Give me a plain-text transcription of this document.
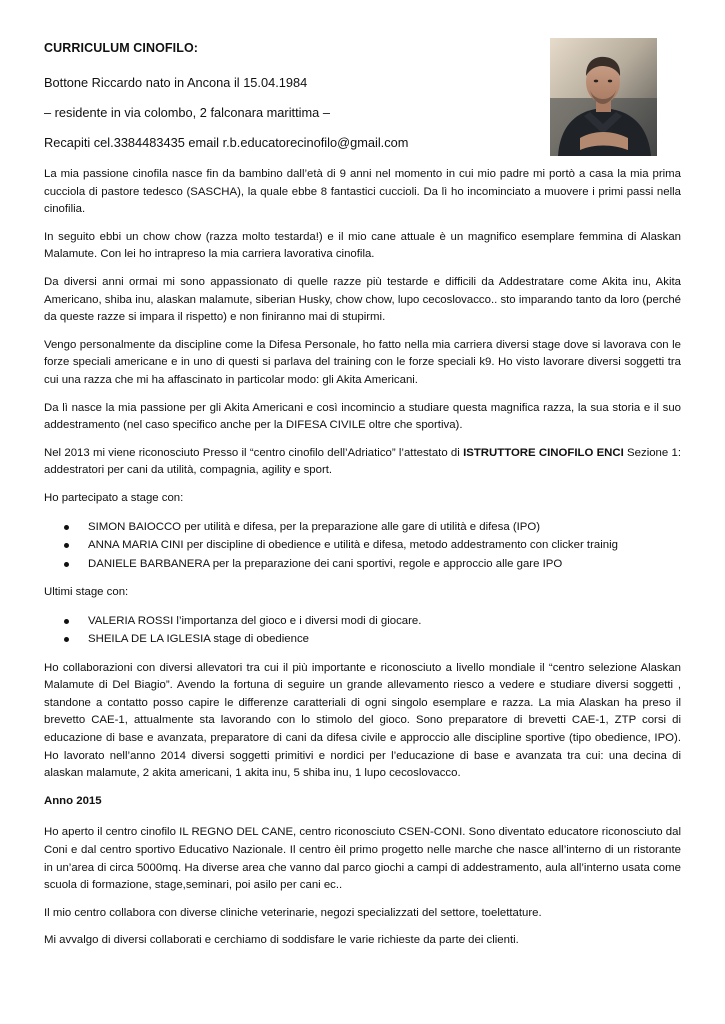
CURRICULUM CINOFILO:
Bottone Riccardo nato in Ancona il 15.04.1984
– residente in via colombo, 2 falconara marittima –
Recapiti cel.3384483435 email r.b.educatorecinofilo@gmail.com

La mia passione cinofila nasce fin da bambino dall’età di 9 anni nel momento in cui mio padre mi portò a casa la mia prima cucciola di pastore tedesco (SASCHA), la quale ebbe 8 fantastici cuccioli. Da lì ho incominciato a muovere i primi passi nella cinofilia.

In seguito ebbi un chow chow (razza molto testarda!) e il mio cane attuale è un magnifico esemplare femmina di Alaskan Malamute. Con lei ho intrapreso la mia carriera lavorativa cinofila.

Da diversi anni ormai mi sono appassionato di quelle razze più testarde e difficili da Addestratare come Akita inu, Akita Americano, shiba inu, alaskan malamute, siberian Husky, chow chow, lupo cecoslovacco.. sto imparando tanto da loro (perché da queste razze si impara il rispetto) e non finiranno mai di stupirmi.

Vengo personalmente da discipline come la Difesa Personale, ho fatto nella mia carriera diversi stage dove si lavorava con le forze speciali americane e in uno di questi si parlava del training con le forze speciali k9. Ho visto lavorare diversi soggetti tra cui una razza che mi ha affascinato in particolar modo: gli Akita Americani.

Da lì nasce la mia passione per gli Akita Americani e così incomincio a studiare questa magnifica razza, la sua storia e il suo addestramento (nel caso specifico anche per la DIFESA CIVILE oltre che sportiva).

Nel 2013 mi viene riconosciuto Presso il “centro cinofilo dell’Adriatico” l’attestato di ISTRUTTORE CINOFILO ENCI Sezione 1: addestratori per cani da utilità, compagnia, agility e sport.

Ho partecipato a stage con:

SIMON BAIOCCO per utilità e difesa, per la preparazione alle gare di utilità e difesa (IPO)
ANNA MARIA CINI per discipline di obedience e utilità e difesa, metodo addestramento con clicker trainig
DANIELE BARBANERA per la preparazione dei cani sportivi, regole e approccio alle gare IPO

Ultimi stage con:

VALERIA ROSSI l’importanza del gioco e i diversi modi di giocare.
SHEILA DE LA IGLESIA stage di obedience

Ho collaborazioni con diversi allevatori tra cui il più importante e riconosciuto a livello mondiale il “centro selezione Alaskan Malamute di Del Biagio”. Avendo la fortuna di seguire un grande allevamento riesco a vedere e studiare diversi soggetti , standone a contatto posso capire le differenze caratteriali di ogni singolo esemplare e razza. La mia Alaskan ha preso il brevetto CAE-1, attualmente sta lavorando con lo stimolo del gioco. Sono preparatore di brevetti CAE-1, ZTP corsi di educazione di base e avanzata, preparatore di cani da difesa civile e approccio alle discipline sportive (tipo obedience, IPO). Ho lavorato nell’anno 2014 diversi soggetti primitivi e nordici per l’educazione di base e avanzata tra cui: una decina di alaskan malamute, 2 akita americani, 1 akita inu, 5 shiba inu, 1 lupo cecoslovacco.

Anno 2015

Ho aperto il centro cinofilo IL REGNO DEL CANE, centro riconosciuto CSEN-CONI. Sono diventato educatore riconosciuto dal Coni e dal centro sportivo Educativo Nazionale. Il centro èil primo progetto nelle marche che nasce all’interno di un ristorante in un’area di circa 5000mq. Ha diverse area che vanno dal parco giochi a campi di addestramento, aula all’interno usata come scuola di formazione, stage,seminari, poi asilo per cani ec..

Il mio centro collabora con diverse cliniche veterinarie, negozi specializzati del settore, toelettature.

Mi avvalgo di diversi collaborati e cerchiamo di soddisfare le varie richieste da parte dei clienti.
